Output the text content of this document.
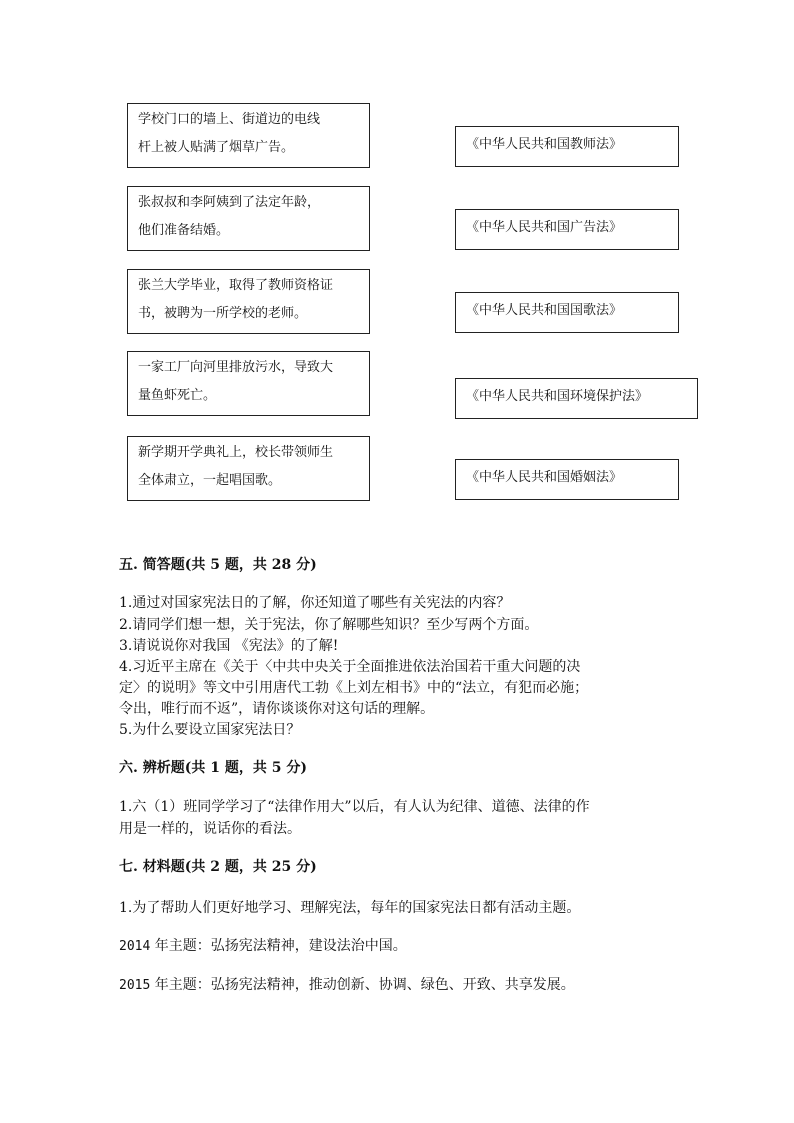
学校门口的墙上、街道边的电线
杆上被人贴满了烟草广告。
张叔叔和李阿姨到了法定年龄，
他们准备结婚。
张兰大学毕业，取得了教师资格证
书，被聘为一所学校的老师。
一家工厂向河里排放污水，导致大
量鱼虾死亡。
新学期开学典礼上，校长带领师生
全体肃立，一起唱国歌。
《中华人民共和国教师法》
《中华人民共和国广告法》
《中华人民共和国国歌法》
《中华人民共和国环境保护法》
《中华人民共和国婚姻法》
五. 简答题(共 5 题，共 28 分)
1.通过对国家宪法日的了解，你还知道了哪些有关宪法的内容？
2.请同学们想一想，关于宪法，你了解哪些知识？至少写两个方面。
3.请说说你对我国 《宪法》的了解!
4.习近平主席在《关于〈中共中央关于全面推进依法治国若干重大问题的决
定〉的说明》等文中引用唐代工勃《上刘左相书》中的“法立，有犯而必施；
令出，唯行而不返”，请你谈谈你对这句话的理解。
5.为什么要设立国家宪法日？
六. 辨析题(共 1 题，共 5 分)
1.六（1）班同学学习了“法律作用大”以后，有人认为纪律、道德、法律的作
用是一样的，说话你的看法。
七. 材料题(共 2 题，共 25 分)
1.为了帮助人们更好地学习、理解宪法，每年的国家宪法日都有活动主题。
2014 年主题：弘扬宪法精神，建设法治中国。
2015 年主题：弘扬宪法精神，推动创新、协调、绿色、开致、共享发展。
